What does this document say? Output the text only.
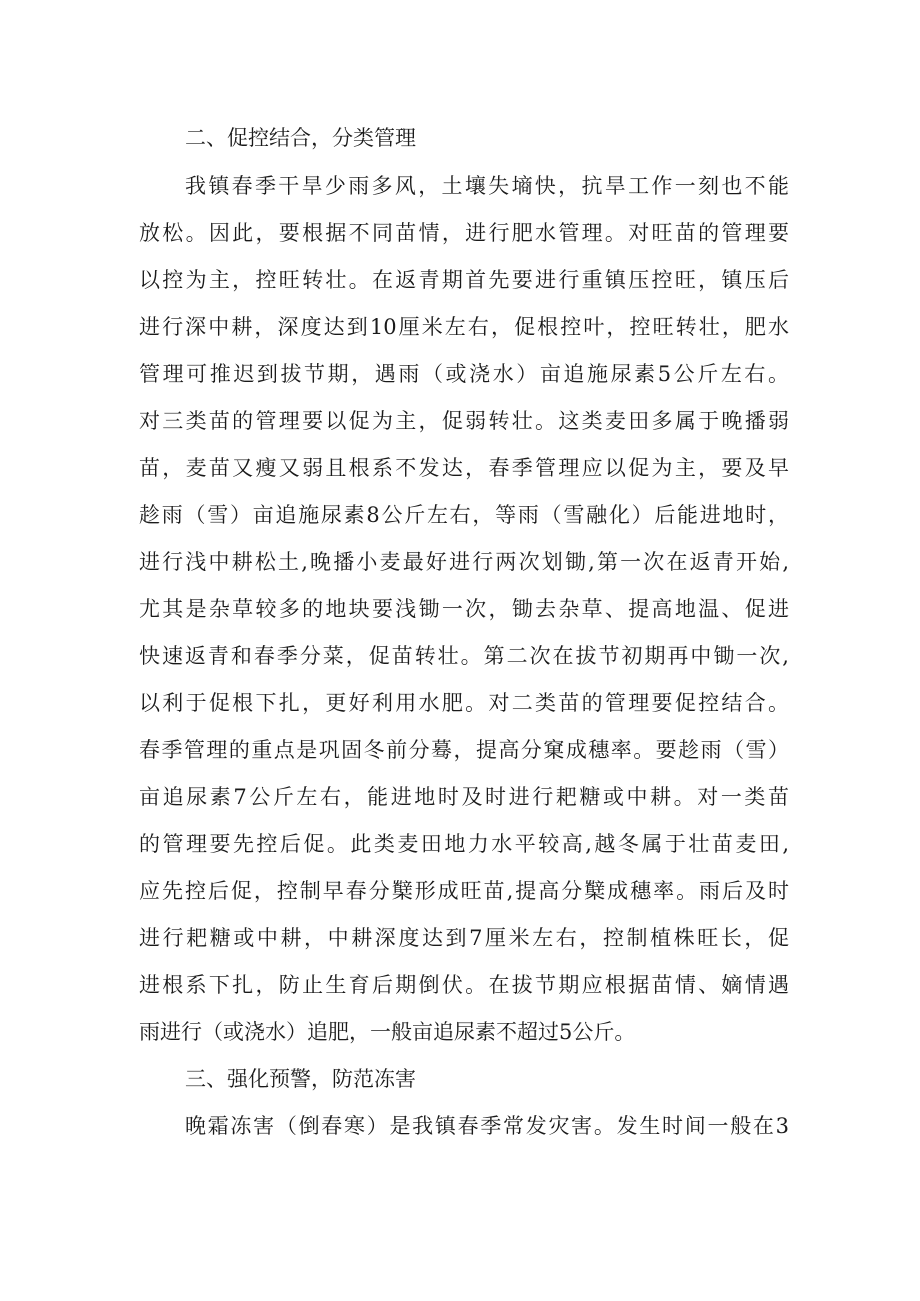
二、促控结合，分类管理
我镇春季干旱少雨多风，土壤失墒快，抗旱工作一刻也不能
放松。因此，要根据不同苗情，进行肥水管理。对旺苗的管理要
以控为主，控旺转壮。在返青期首先要进行重镇压控旺，镇压后
进行深中耕，深度达到10厘米左右，促根控叶，控旺转壮，肥水
管理可推迟到拔节期，遇雨（或浇水）亩追施尿素5公斤左右。
对三类苗的管理要以促为主，促弱转壮。这类麦田多属于晚播弱
苗，麦苗又瘦又弱且根系不发达，春季管理应以促为主，要及早
趁雨（雪）亩追施尿素8公斤左右，等雨（雪融化）后能进地时，
进行浅中耕松土,晚播小麦最好进行两次划锄,第一次在返青开始,
尤其是杂草较多的地块要浅锄一次，锄去杂草、提高地温、促进
快速返青和春季分菜，促苗转壮。第二次在拔节初期再中锄一次,
以利于促根下扎，更好利用水肥。对二类苗的管理要促控结合。
春季管理的重点是巩固冬前分蓦，提高分窠成穗率。要趁雨（雪）
亩追尿素7公斤左右，能进地时及时进行耙糖或中耕。对一类苗
的管理要先控后促。此类麦田地力水平较高,越冬属于壮苗麦田,
应先控后促，控制早春分櫱形成旺苗,提高分櫱成穗率。雨后及时
进行耙糖或中耕，中耕深度达到7厘米左右，控制植株旺长，促
进根系下扎，防止生育后期倒伏。在拔节期应根据苗情、嫡情遇
雨进行（或浇水）追肥，一般亩追尿素不超过5公斤。
三、强化预警，防范冻害
晚霜冻害（倒春寒）是我镇春季常发灾害。发生时间一般在3
